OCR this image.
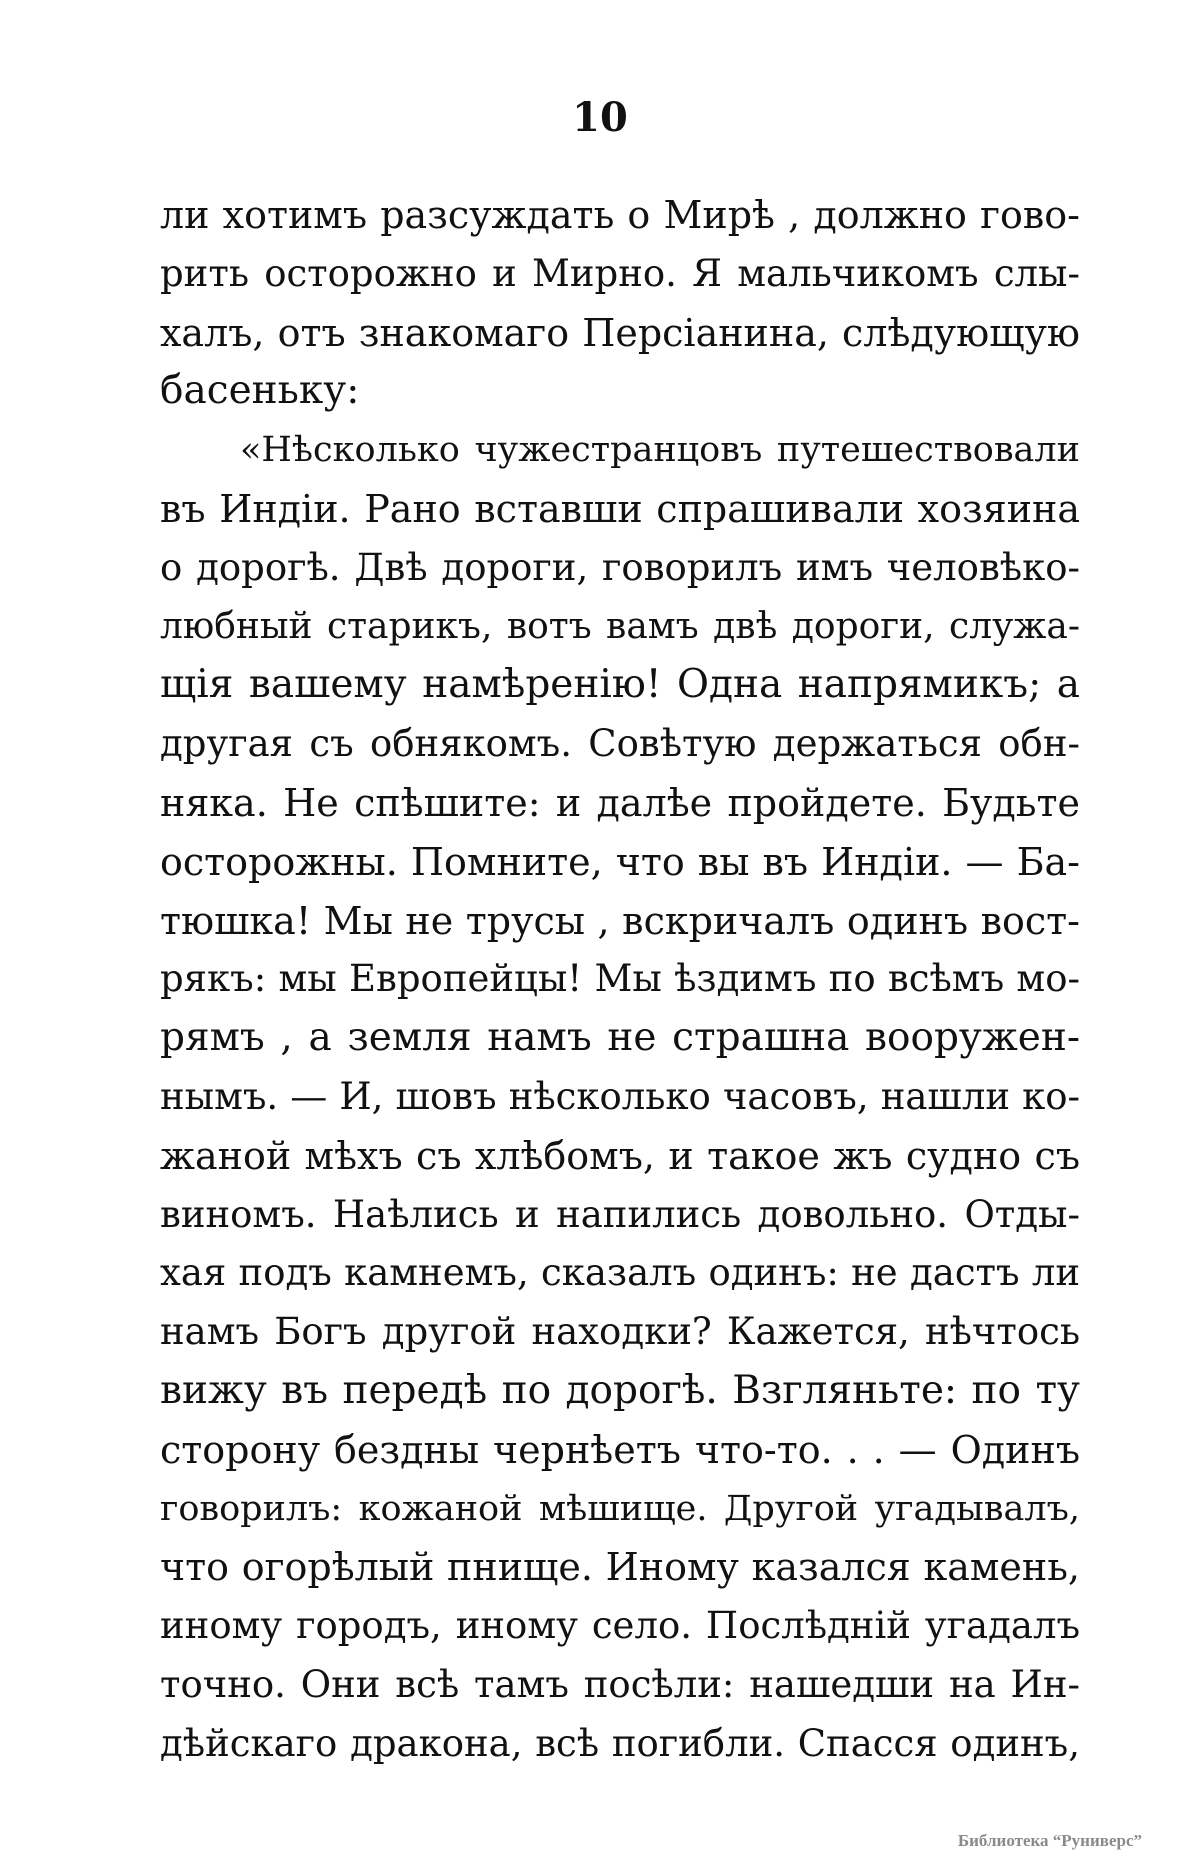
10
ли хотимъ разсуждать о Мирѣ , должно гово-
рить осторожно и Мирно. Я мальчикомъ слы-
халъ, отъ знакомаго Персіанина, слѣдующую
басеньку:
«Нѣсколько чужестранцовъ путешествовали
въ Индіи. Рано вставши спрашивали хозяина
о дорогѣ. Двѣ дороги, говорилъ имъ человѣко-
любный старикъ, вотъ вамъ двѣ дороги, служа-
щія вашему намѣренію! Одна напрямикъ; а
другая съ обнякомъ. Совѣтую держаться обн-
няка. Не спѣшите: и далѣе пройдете. Будьте
осторожны. Помните, что вы въ Индіи. — Ба-
тюшка! Мы не трусы , вскричалъ одинъ вост-
рякъ: мы Европейцы! Мы ѣздимъ по всѣмъ мо-
рямъ , а земля намъ не страшна вооружен-
нымъ. — И, шовъ нѣсколько часовъ, нашли ко-
жаной мѣхъ съ хлѣбомъ, и такое жъ судно съ
виномъ. Наѣлись и напились довольно. Отды-
хая подъ камнемъ, сказалъ одинъ: не дастъ ли
намъ Богъ другой находки? Кажется, нѣчтось
вижу въ передѣ по дорогѣ. Взгляньте: по ту
сторону бездны чернѣетъ что-то. . . — Одинъ
говорилъ: кожаной мѣшище. Другой угадывалъ,
что огорѣлый пнище. Иному казался камень,
иному городъ, иному село. Послѣдній угадалъ
точно. Они всѣ тамъ посѣли: нашедши на Ин-
дѣйскаго дракона, всѣ погибли. Спасся одинъ,
Библиотека “Руниверс”
